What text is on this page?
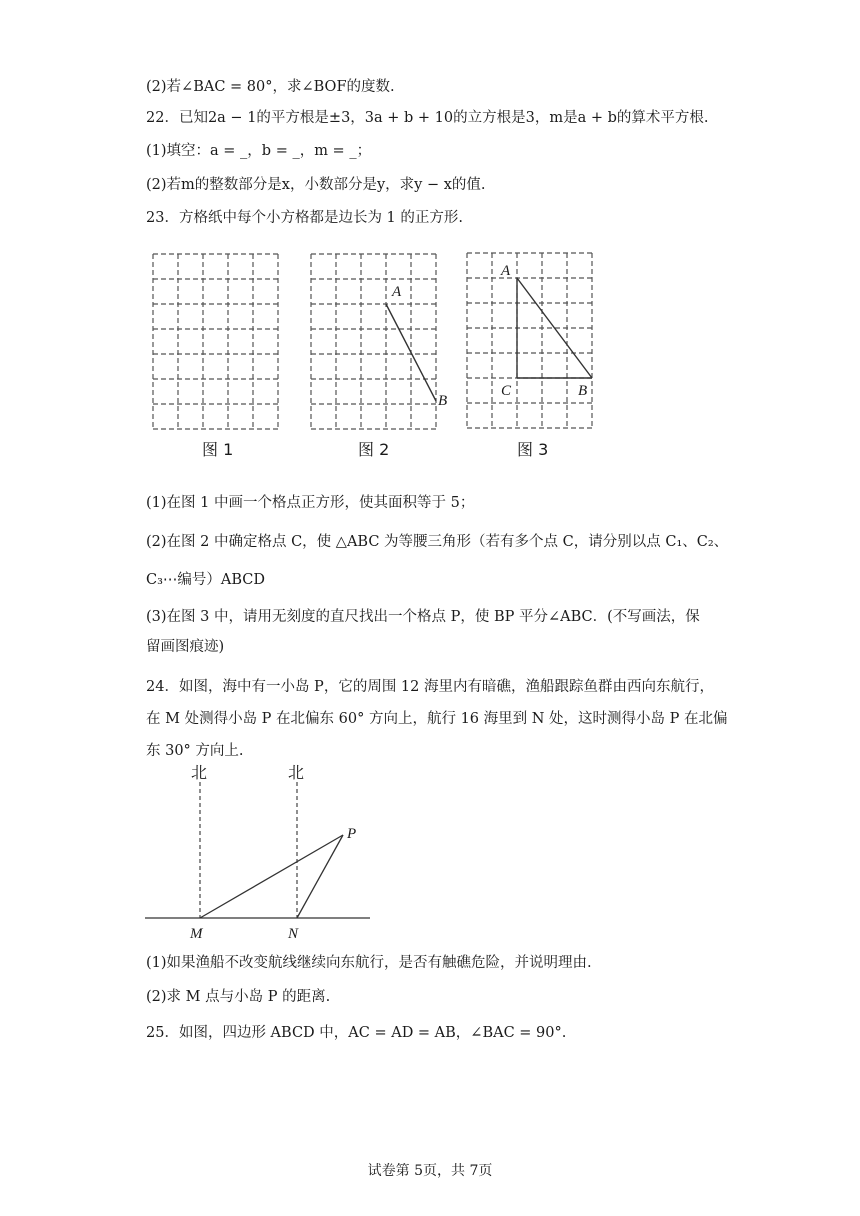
(2)若∠BAC = 80°，求∠BOF的度数.
22．已知2a − 1的平方根是±3，3a + b + 10的立方根是3，m是a + b的算术平方根.
(1)填空：a = _，b = _，m = _；
(2)若m的整数部分是x，小数部分是y，求y − x的值.
23．方格纸中每个小方格都是边长为 1 的正方形.
(1)在图 1 中画一个格点正方形，使其面积等于 5；
(2)在图 2 中确定格点 C，使 △ABC 为等腰三角形（若有多个点 C，请分别以点 C₁、C₂、
C₃⋯编号）ABCD
(3)在图 3 中，请用无刻度的直尺找出一个格点 P，使 BP 平分∠ABC．(不写画法，保
留画图痕迹)
24．如图，海中有一小岛 P，它的周围 12 海里内有暗礁，渔船跟踪鱼群由西向东航行，
在 M 处测得小岛 P 在北偏东 60° 方向上，航行 16 海里到 N 处，这时测得小岛 P 在北偏
东 30° 方向上.
(1)如果渔船不改变航线继续向东航行，是否有触礁危险，并说明理由.
(2)求 M 点与小岛 P 的距离.
25．如图，四边形 ABCD 中，AC = AD = AB，∠BAC = 90°.
图 1
A
B
图 2
A
C	B
图 3
北	北
M	N
P
试卷第 5页，共 7页
